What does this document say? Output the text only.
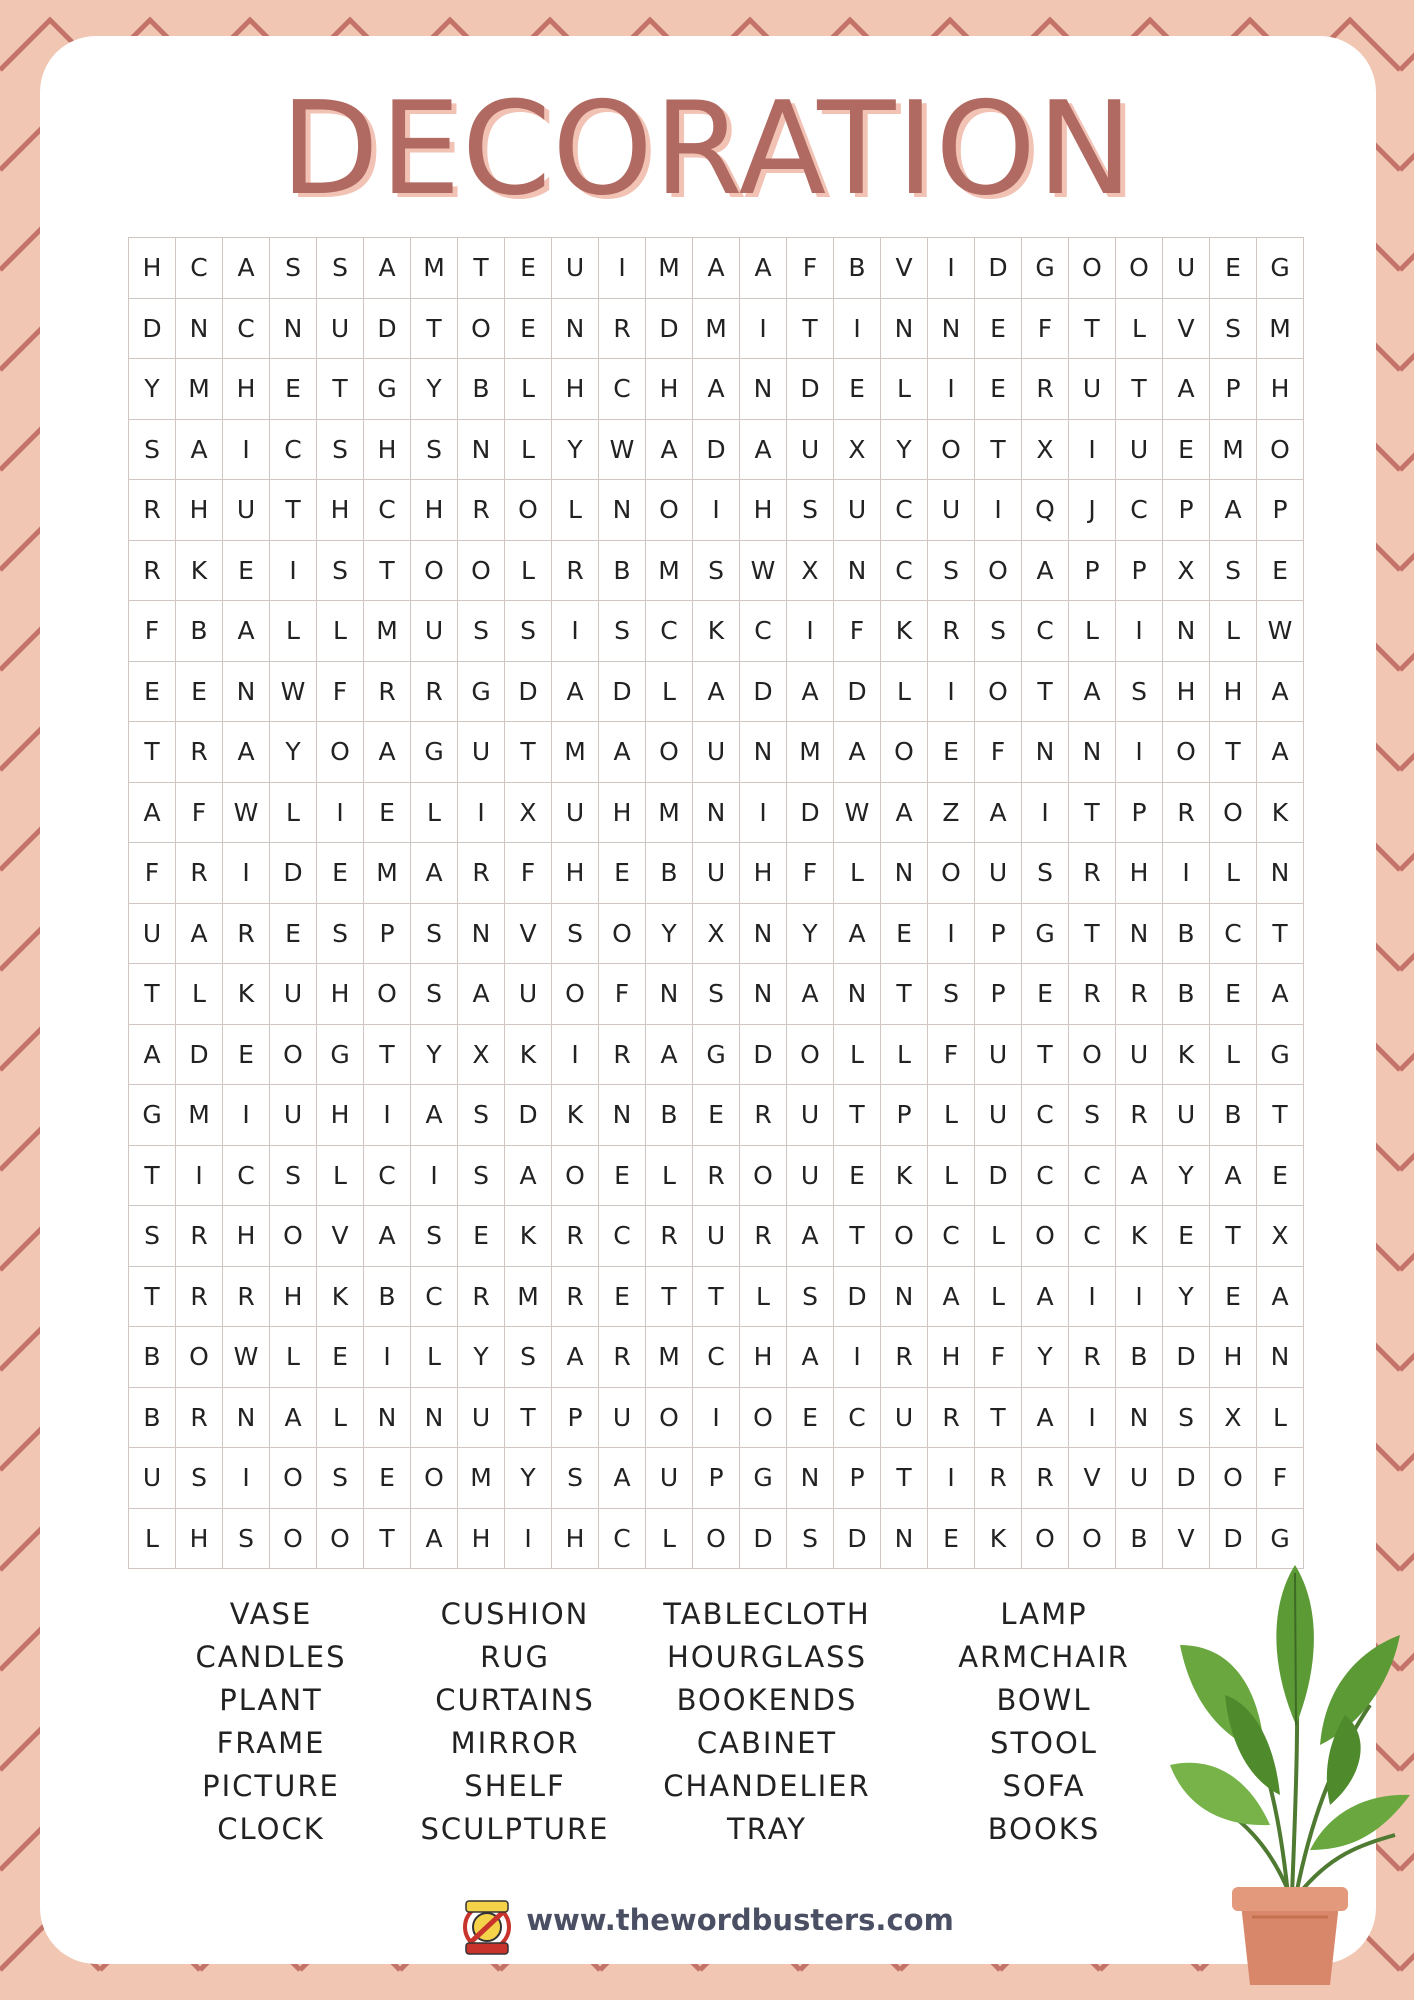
DECORATION
H	C	A	S	S	A	M	T	E	U	I	M	A	A	F	B	V	I	D	G	O	O	U	E	G
D	N	C	N	U	D	T	O	E	N	R	D	M	I	T	I	N	N	E	F	T	L	V	S	M
Y	M	H	E	T	G	Y	B	L	H	C	H	A	N	D	E	L	I	E	R	U	T	A	P	H
S	A	I	C	S	H	S	N	L	Y	W	A	D	A	U	X	Y	O	T	X	I	U	E	M	O
R	H	U	T	H	C	H	R	O	L	N	O	I	H	S	U	C	U	I	Q	J	C	P	A	P
R	K	E	I	S	T	O	O	L	R	B	M	S	W	X	N	C	S	O	A	P	P	X	S	E
F	B	A	L	L	M	U	S	S	I	S	C	K	C	I	F	K	R	S	C	L	I	N	L	W
E	E	N	W	F	R	R	G	D	A	D	L	A	D	A	D	L	I	O	T	A	S	H	H	A
T	R	A	Y	O	A	G	U	T	M	A	O	U	N	M	A	O	E	F	N	N	I	O	T	A
A	F	W	L	I	E	L	I	X	U	H	M	N	I	D	W	A	Z	A	I	T	P	R	O	K
F	R	I	D	E	M	A	R	F	H	E	B	U	H	F	L	N	O	U	S	R	H	I	L	N
U	A	R	E	S	P	S	N	V	S	O	Y	X	N	Y	A	E	I	P	G	T	N	B	C	T
T	L	K	U	H	O	S	A	U	O	F	N	S	N	A	N	T	S	P	E	R	R	B	E	A
A	D	E	O	G	T	Y	X	K	I	R	A	G	D	O	L	L	F	U	T	O	U	K	L	G
G	M	I	U	H	I	A	S	D	K	N	B	E	R	U	T	P	L	U	C	S	R	U	B	T
T	I	C	S	L	C	I	S	A	O	E	L	R	O	U	E	K	L	D	C	C	A	Y	A	E
S	R	H	O	V	A	S	E	K	R	C	R	U	R	A	T	O	C	L	O	C	K	E	T	X
T	R	R	H	K	B	C	R	M	R	E	T	T	L	S	D	N	A	L	A	I	I	Y	E	A
B	O W	L	E	I	L	Y	S	A	R	M	C	H	A	I	R	H	F	Y	R	B	D	H	N
B	R	N	A	L	N	N	U	T	P	U	O	I	O	E	C	U	R	T	A	I	N	S	X	L
U	S	I	O	S	E	O	M	Y	S	A	U	P	G	N	P	T	I	R	R	V	U	D	O	F
L	H	S	O	O	T	A	H	I	H	C	L	O	D	S	D	N	E	K	O	O	B	V	D	G
VASE
CANDLES
PLANT
FRAME
PICTURE
CLOCK
CUSHION
RUG
CURTAINS
MIRROR
SHELF
SCULPTURE
TABLECLOTH
HOURGLASS
BOOKENDS
CABINET
CHANDELIER
TRAY
LAMP
ARMCHAIR
BOWL
STOOL
SOFA
BOOKS
www.thewordbusters.com
